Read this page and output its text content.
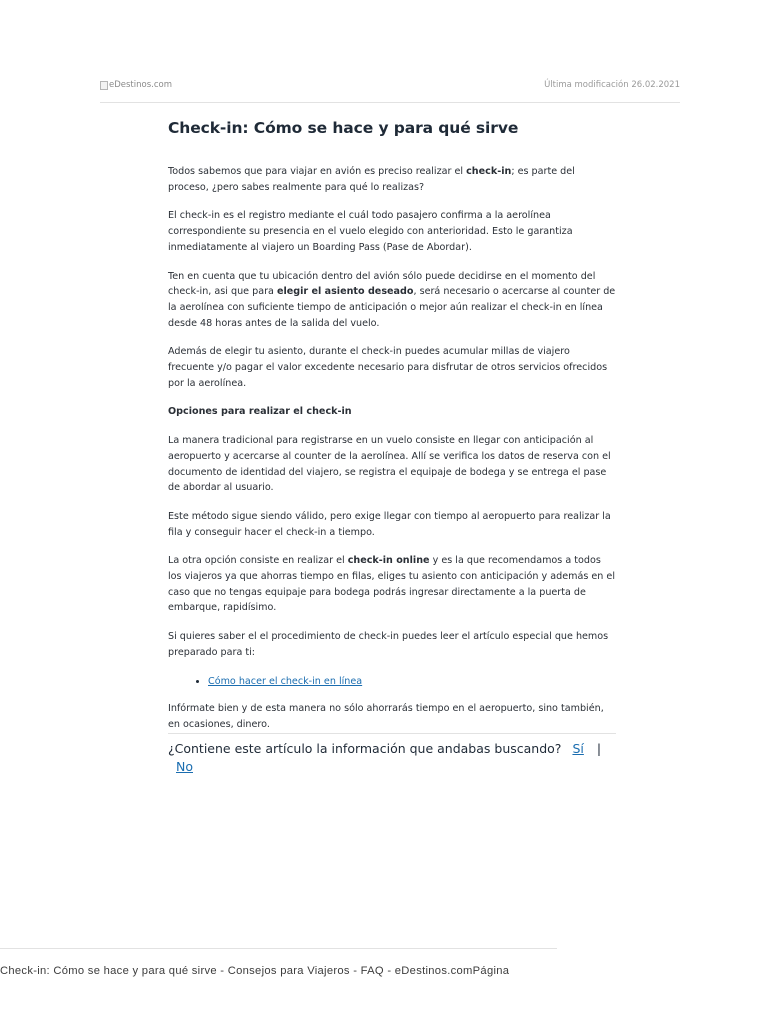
eDestinos.com	Última modificación 26.02.2021
Check-in: Cómo se hace y para qué sirve

Todos sabemos que para viajar en avión es preciso realizar el check-in; es parte del proceso, ¿pero sabes realmente para qué lo realizas?

El check-in es el registro mediante el cuál todo pasajero confirma a la aerolínea correspondiente su presencia en el vuelo elegido con anterioridad. Esto le garantiza inmediatamente al viajero un Boarding Pass (Pase de Abordar).

Ten en cuenta que tu ubicación dentro del avión sólo puede decidirse en el momento del check-in, asi que para elegir el asiento deseado, será necesario o acercarse al counter de la aerolínea con suficiente tiempo de anticipación o mejor aún realizar el check-in en línea desde 48 horas antes de la salida del vuelo.

Además de elegir tu asiento, durante el check-in puedes acumular millas de viajero frecuente y/o pagar el valor excedente necesario para disfrutar de otros servicios ofrecidos por la aerolínea.

Opciones para realizar el check-in

La manera tradicional para registrarse en un vuelo consiste en llegar con anticipación al aeropuerto y acercarse al counter de la aerolínea. Allí se verifica los datos de reserva con el documento de identidad del viajero, se registra el equipaje de bodega y se entrega el pase de abordar al usuario.

Este método sigue siendo válido, pero exige llegar con tiempo al aeropuerto para realizar la fila y conseguir hacer el check-in a tiempo.

La otra opción consiste en realizar el check-in online y es la que recomendamos a todos los viajeros ya que ahorras tiempo en filas, eliges tu asiento con anticipación y además en el caso que no tengas equipaje para bodega podrás ingresar directamente a la puerta de embarque, rapidísimo.

Si quieres saber el el procedimiento de check-in puedes leer el artículo especial que hemos preparado para ti:

• Cómo hacer el check-in en línea

Infórmate bien y de esta manera no sólo ahorrarás tiempo en el aeropuerto, sino también, en ocasiones, dinero.

¿Contiene este artículo la información que andabas buscando? Sí |
No
Check-in: Cómo se hace y para qué sirve - Consejos para Viajeros - FAQ - eDestinos.comPágina
